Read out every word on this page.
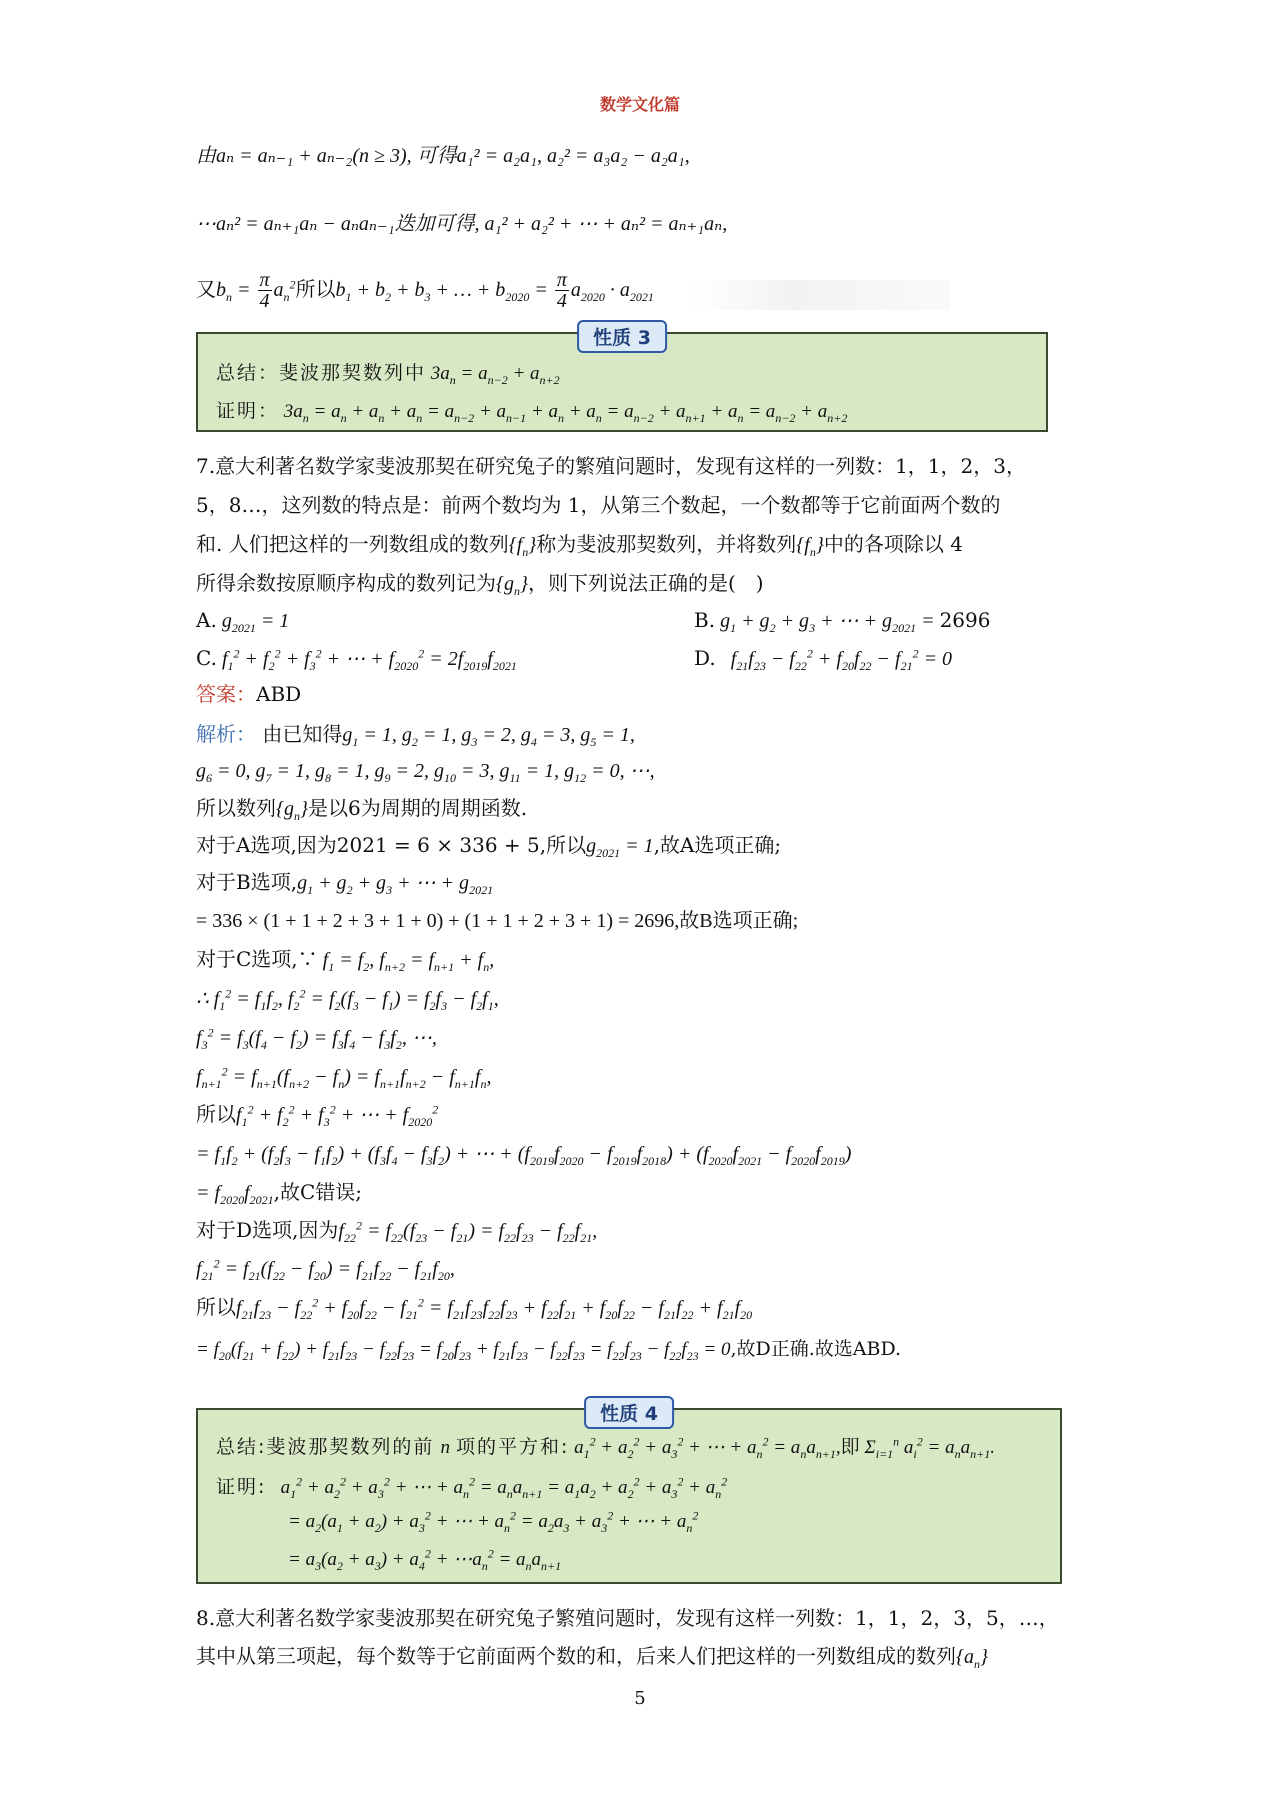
数学文化篇
由aₙ = aₙ₋₁ + aₙ₋₂(n ≥ 3), 可得a₁² = a₂a₁, a₂² = a₃a₂ − a₂a₁,
⋯aₙ² = aₙ₊₁aₙ − aₙaₙ₋₁迭加可得, a₁² + a₂² + ⋯ + aₙ² = aₙ₊₁aₙ,
又$b_n = \frac{\pi}{4} a_n^2$所以$b_1 + b_2 + b_3$ + … + $b_{2020} = \frac{\pi}{4} a_{2020} \cdot a_{2021}$
性质 3
总结：斐波那契数列中 $3a_n = a_{n-2} + a_{n+2}$
证明： $3a_n = a_n + a_n + a_n = a_{n-2} + a_{n-1} + a_n + a_n = a_{n-2} + a_{n+1} + a_n = a_{n-2} + a_{n+2}$
7.意大利著名数学家斐波那契在研究兔子的繁殖问题时，发现有这样的一列数：1，1，2，3，
5，8…，这列数的特点是：前两个数均为 1，从第三个数起，一个数都等于它前面两个数的
和. 人们把这样的一列数组成的数列$\{f_n\}$称为斐波那契数列，并将数列$\{f_n\}$中的各项除以 4
所得余数按原顺序构成的数列记为$\{g_n\}$，则下列说法正确的是(　)
A. $g_{2021} = 1$	B. $g_1 + g_2 + g_3$ + ⋯ + $g_{2021} = 2696$
C. $f_1^2 + f_2^2 + f_3^2$ + ⋯ + $f_{2020}^2 = 2f_{2019}f_{2021}$	D.   $f_{21}f_{23} - f_{22}^2 + f_{20}f_{22} - f_{21}^2 = 0$
答案：ABD
解析： 由已知得$g_1 = 1$, $g_2 = 1$, $g_3 = 2$, $g_4 = 3$, $g_5 = 1$,
$g_6 = 0$, $g_7 = 1$, $g_8 = 1$, $g_9 = 2$, $g_{10} = 3$, $g_{11} = 1$, $g_{12} = 0$, ⋯,
所以数列$\{g_n\}$是以6为周期的周期函数.
对于A选项,因为2021 = 6 × 336 + 5,所以$g_{2021} = 1$,故A选项正确;
对于B选项$,g_1 + g_2 + g_3$ + ⋯ + $g_{2021}$
= 336 × (1 + 1 + 2 + 3 + 1 + 0) + (1 + 1 + 2 + 3 + 1) = 2696,故B选项正确;
对于C选项,∵ $f_1 = f_2$, $f_{n+2} = f_{n+1} + f_n$,
∴ $f_1^2 = f_1f_2$, $f_2^2 = f_2(f_3 - f_1) = f_2f_3 - f_2f_1$,
$f_3^2 = f_3(f_4 - f_2) = f_3f_4 - f_3f_2$, ⋯,
$f_{n+1}^2 = f_{n+1}(f_{n+2} - f_n) = f_{n+1}f_{n+2} - f_{n+1}f_n$,
所以$f_1^2 + f_2^2 + f_3^2$ + ⋯ + $f_{2020}^2$
= $f_1f_2 + (f_2f_3 - f_1f_2) + (f_3f_4 - f_3f_2)$ + ⋯ + $(f_{2019}f_{2020} - f_{2019}f_{2018}) + (f_{2020}f_{2021} - f_{2020}f_{2019})$
= $f_{2020}f_{2021}$,故C错误;
对于D选项,因为$f_{22}^2 = f_{22}(f_{23} - f_{21}) = f_{22}f_{23} - f_{22}f_{21}$,
$f_{21}^2 = f_{21}(f_{22} - f_{20}) = f_{21}f_{22} - f_{21}f_{20}$,
所以$f_{21}f_{23} - f_{22}^2 + f_{20}f_{22} - f_{21}^2 = f_{21}f_{23}f_{22}f_{23} + f_{22}f_{21} + f_{20}f_{22} - f_{21}f_{22} + f_{21}f_{20}$
= $f_{20}(f_{21} + f_{22}) + f_{21}f_{23} - f_{22}f_{23} = f_{20}f_{23} + f_{21}f_{23} - f_{22}f_{23} = f_{22}f_{23} - f_{22}f_{23} = 0$,故D正确.故选ABD.
性质 4
总结:斐波那契数列的前 n 项的平方和: $a_1^2 + a_2^2 + a_3^2$ + ⋯ + $a_n^2 = a_na_{n+1}$,即 $\Sigma_{i=1}^n$ $a_i^2 = a_na_{n+1}$.
证明:   $a_1^2 + a_2^2 + a_3^2$ + ⋯ + $a_n^2 = a_na_{n+1} = a_1a_2 + a_2^2 + a_3^2 + a_n^2$
= $a_2(a_1 + a_2) + a_3^2$ + ⋯ + $a_n^2 = a_2a_3 + a_3^2$ + ⋯ + $a_n^2$
= $a_3(a_2 + a_3) + a_4^2$ + $\cdots a_n^2 = a_na_{n+1}$
8.意大利著名数学家斐波那契在研究兔子繁殖问题时，发现有这样一列数：1，1，2，3，5，…，
其中从第三项起，每个数等于它前面两个数的和，后来人们把这样的一列数组成的数列$\{a_n\}$
5
